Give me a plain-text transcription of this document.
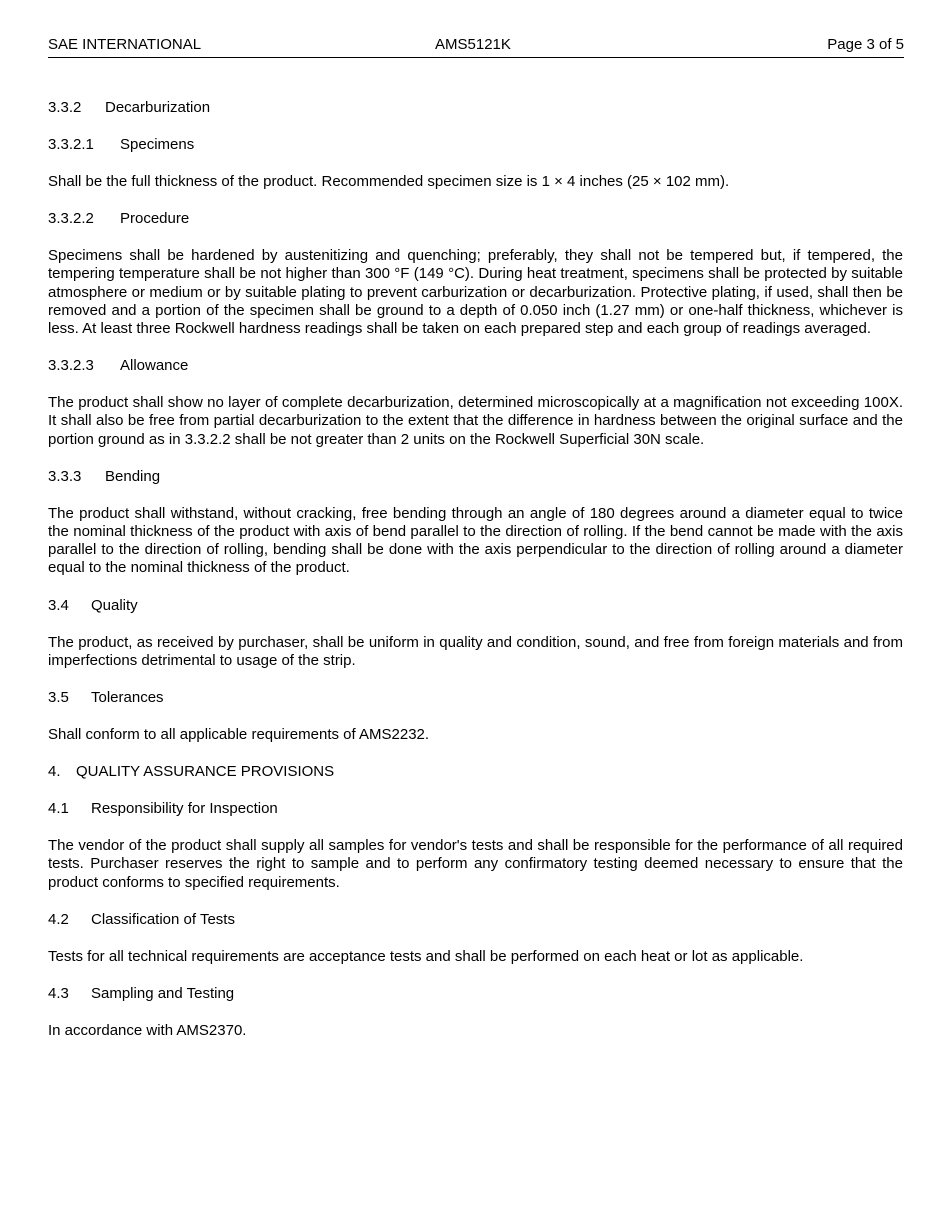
SAE INTERNATIONAL	AMS5121K	Page 3 of 5
3.3.2 Decarburization
3.3.2.1 Specimens
Shall be the full thickness of the product. Recommended specimen size is 1 × 4 inches (25 × 102 mm).
3.3.2.2 Procedure
Specimens shall be hardened by austenitizing and quenching; preferably, they shall not be tempered but, if tempered, the tempering temperature shall be not higher than 300 °F (149 °C). During heat treatment, specimens shall be protected by suitable atmosphere or medium or by suitable plating to prevent carburization or decarburization. Protective plating, if used, shall then be removed and a portion of the specimen shall be ground to a depth of 0.050 inch (1.27 mm) or one-half thickness, whichever is less. At least three Rockwell hardness readings shall be taken on each prepared step and each group of readings averaged.
3.3.2.3 Allowance
The product shall show no layer of complete decarburization, determined microscopically at a magnification not exceeding 100X. It shall also be free from partial decarburization to the extent that the difference in hardness between the original surface and the portion ground as in 3.3.2.2 shall be not greater than 2 units on the Rockwell Superficial 30N scale.
3.3.3 Bending
The product shall withstand, without cracking, free bending through an angle of 180 degrees around a diameter equal to twice the nominal thickness of the product with axis of bend parallel to the direction of rolling. If the bend cannot be made with the axis parallel to the direction of rolling, bending shall be done with the axis perpendicular to the direction of rolling around a diameter equal to the nominal thickness of the product.
3.4 Quality
The product, as received by purchaser, shall be uniform in quality and condition, sound, and free from foreign materials and from imperfections detrimental to usage of the strip.
3.5 Tolerances
Shall conform to all applicable requirements of AMS2232.
4. QUALITY ASSURANCE PROVISIONS
4.1 Responsibility for Inspection
The vendor of the product shall supply all samples for vendor's tests and shall be responsible for the performance of all required tests. Purchaser reserves the right to sample and to perform any confirmatory testing deemed necessary to ensure that the product conforms to specified requirements.
4.2 Classification of Tests
Tests for all technical requirements are acceptance tests and shall be performed on each heat or lot as applicable.
4.3 Sampling and Testing
In accordance with AMS2370.
